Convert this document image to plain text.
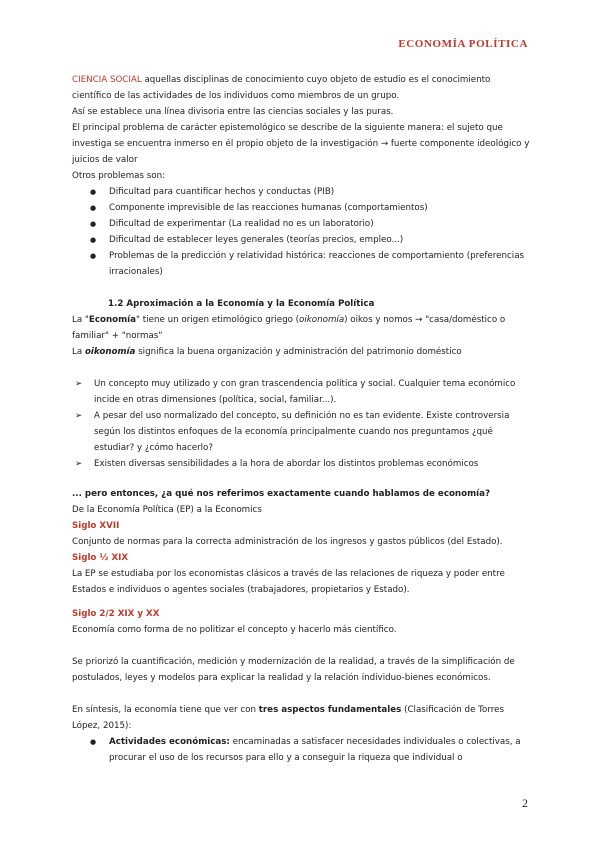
ECONOMÍA POLÍTICA

CIENCIA SOCIAL aquellas disciplinas de conocimiento cuyo objeto de estudio es el conocimiento científico de las actividades de los individuos como miembros de un grupo.

Así se establece una línea divisoria entre las ciencias sociales y las puras.

El principal problema de carácter epistemológico se describe de la siguiente manera: el sujeto que investiga se encuentra inmerso en él propio objeto de la investigación → fuerte componente ideológico y juicios de valor

Otros problemas son:

● Dificultad para cuantificar hechos y conductas (PIB)
● Componente imprevisible de las reacciones humanas (comportamientos)
● Dificultad de experimentar (La realidad no es un laboratorio)
● Dificultad de establecer leyes generales (teorías precios, empleo...)
● Problemas de la predicción y relatividad histórica: reacciones de comportamiento (preferencias irracionales)

1.2 Aproximación a la Economía y la Economía Política

La "Economía" tiene un origen etimológico griego (oikonomía) oikos y nomos → "casa/doméstico o familiar" + "normas"

La oikonomía significa la buena organización y administración del patrimonio doméstico

➢ Un concepto muy utilizado y con gran trascendencia política y social. Cualquier tema económico incide en otras dimensiones (política, social, familiar...).
➢ A pesar del uso normalizado del concepto, su definición no es tan evidente. Existe controversia según los distintos enfoques de la economía principalmente cuando nos preguntamos ¿qué estudiar? y ¿cómo hacerlo?
➢ Existen diversas sensibilidades a la hora de abordar los distintos problemas económicos

... pero entonces, ¿a qué nos referimos exactamente cuando hablamos de economía?

De la Economía Política (EP) a la Economics

Siglo XVII

Conjunto de normas para la correcta administración de los ingresos y gastos públicos (del Estado).

Siglo ½ XIX

La EP se estudiaba por los economistas clásicos a través de las relaciones de riqueza y poder entre Estados e individuos o agentes sociales (trabajadores, propietarios y Estado).

Siglo 2/2 XIX y XX

Economía como forma de no politizar el concepto y hacerlo más científico.

Se priorizó la cuantificación, medición y modernización de la realidad, a través de la simplificación de postulados, leyes y modelos para explicar la realidad y la relación individuo-bienes económicos.

En síntesis, la economía tiene que ver con tres aspectos fundamentales (Clasificación de Torres López, 2015):

● Actividades económicas: encaminadas a satisfacer necesidades individuales o colectivas, a procurar el uso de los recursos para ello y a conseguir la riqueza que individual o
2
